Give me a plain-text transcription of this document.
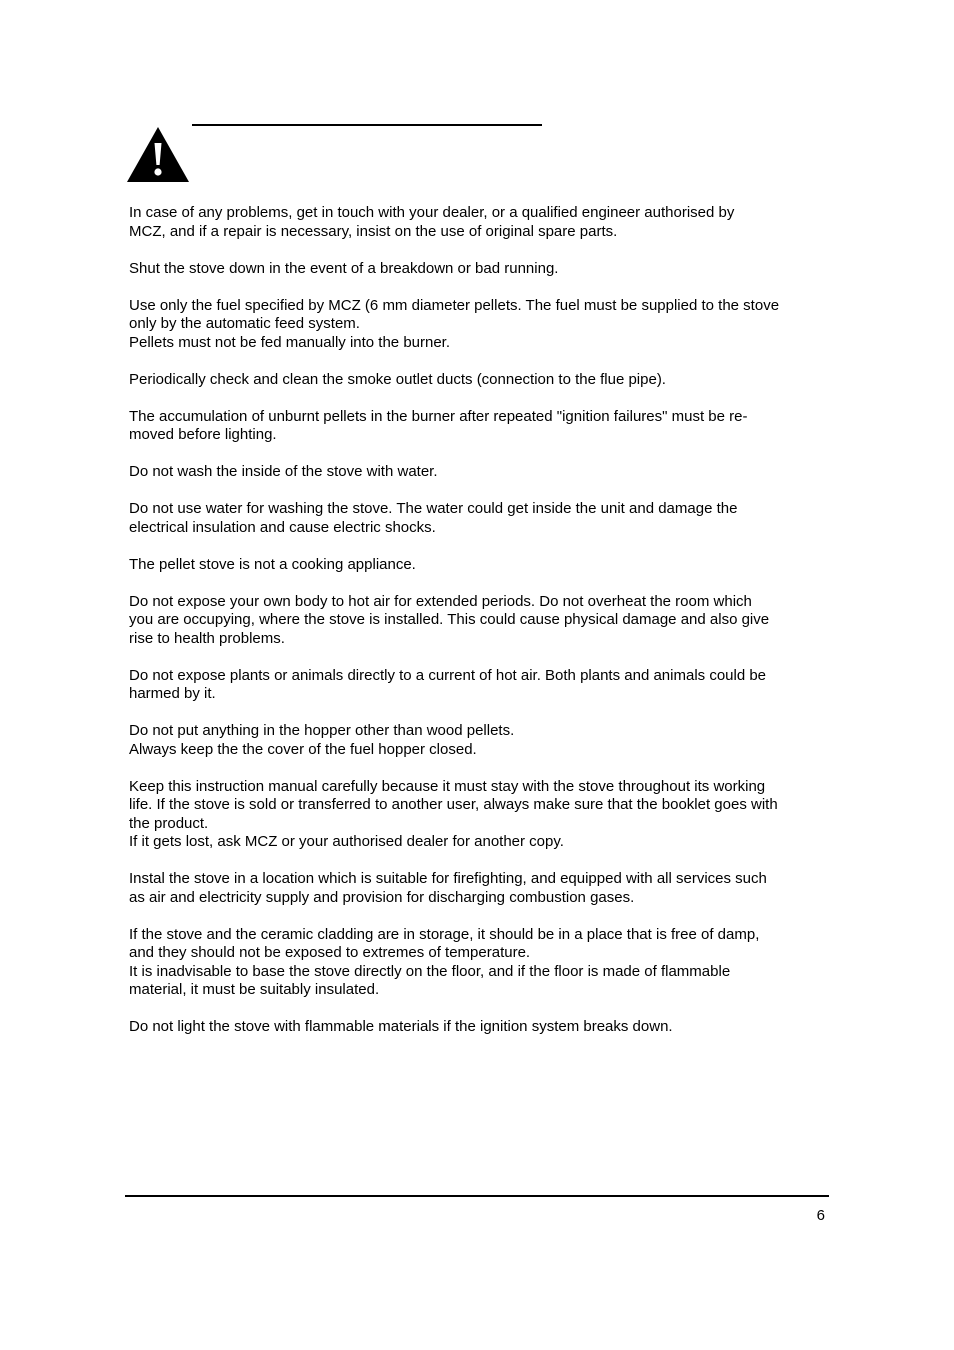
In case of any problems, get in touch with your dealer, or a qualified engineer authorised by
MCZ, and if a repair is necessary, insist on the use of original spare parts.

Shut the stove down in the event of a breakdown or bad running.

Use only the fuel specified by MCZ (6 mm diameter pellets. The fuel must be supplied to the stove
only by the automatic feed system.
Pellets must not be fed manually into the burner.

Periodically check and clean the smoke outlet ducts (connection to the flue pipe).

The accumulation of unburnt pellets in the burner after repeated "ignition failures" must be re-
moved before lighting.

Do not wash the inside of the stove with water.

Do not use water for washing the stove. The water could get inside the unit and damage the
electrical insulation and cause electric shocks.

The pellet stove is not a cooking appliance.

Do not expose your own body to hot air for extended periods. Do not overheat the room which
you are occupying, where the stove is installed. This could cause physical damage and also give
rise to health problems.

Do not expose plants or animals directly to a current of hot air. Both plants and animals could be
harmed by it.

Do not put anything in the hopper other than wood pellets.
Always keep the the cover of the fuel hopper closed.

Keep this instruction manual carefully because it must stay with the stove throughout its working
life. If the stove is sold or transferred to another user, always make sure that the booklet goes with
the product.
If it gets lost, ask MCZ or your authorised dealer for another copy.

Instal the stove in a location which is suitable for firefighting, and equipped with all services such
as air and electricity supply and provision for discharging combustion gases.

If the stove and the ceramic cladding are in storage, it should be in a place that is free of damp,
and they should not be exposed to extremes of temperature.
It is inadvisable to base the stove directly on the floor, and if the floor is made of flammable
material, it must be suitably insulated.

Do not light the stove with flammable materials if the ignition system breaks down.

6
